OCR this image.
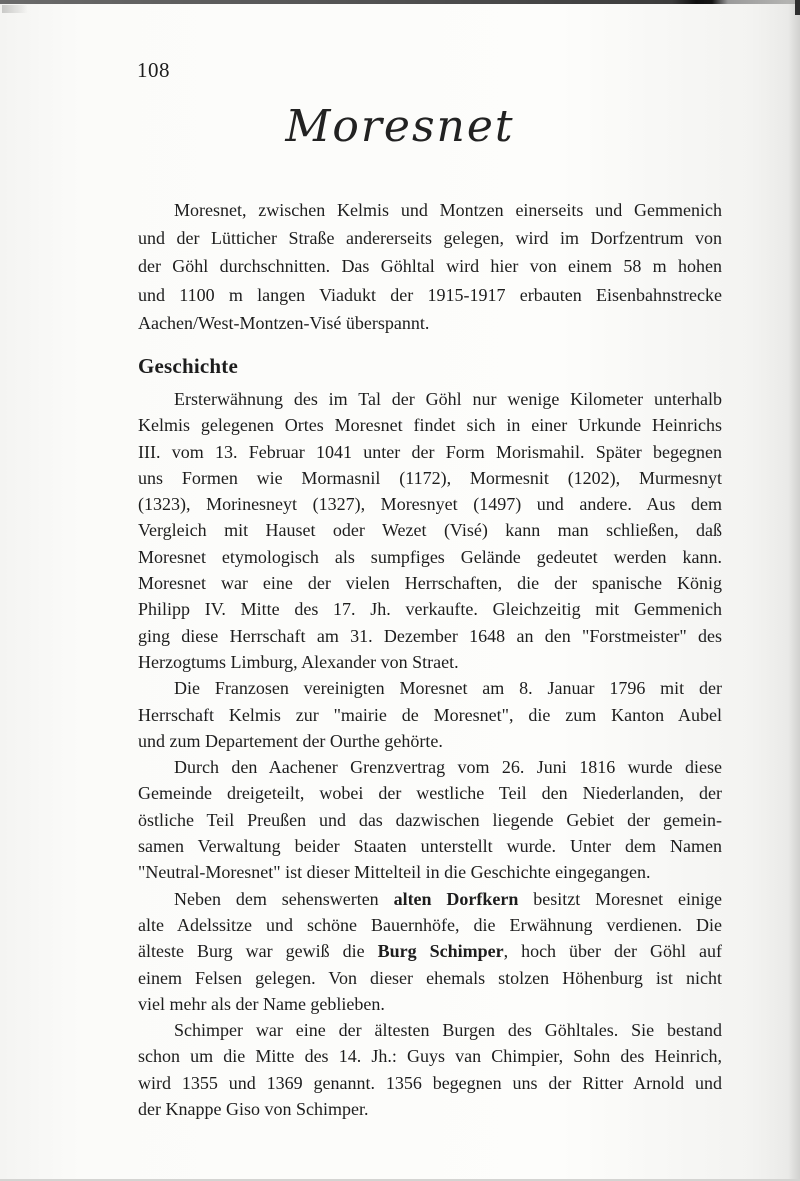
108
Moresnet
Moresnet, zwischen Kelmis und Montzen einerseits und Gemmenich
und der Lütticher Straße andererseits gelegen, wird im Dorfzentrum von
der Göhl durchschnitten. Das Göhltal wird hier von einem 58 m hohen
und 1100 m langen Viadukt der 1915-1917 erbauten Eisenbahnstrecke
Aachen/West-Montzen-Visé überspannt.
Geschichte
Ersterwähnung des im Tal der Göhl nur wenige Kilometer unterhalb
Kelmis gelegenen Ortes Moresnet findet sich in einer Urkunde Heinrichs
III. vom 13. Februar 1041 unter der Form Morismahil. Später begegnen
uns Formen wie Mormasnil (1172), Mormesnit (1202), Murmesnyt
(1323), Morinesneyt (1327), Moresnyet (1497) und andere. Aus dem
Vergleich mit Hauset oder Wezet (Visé) kann man schließen, daß
Moresnet etymologisch als sumpfiges Gelände gedeutet werden kann.
Moresnet war eine der vielen Herrschaften, die der spanische König
Philipp IV. Mitte des 17. Jh. verkaufte. Gleichzeitig mit Gemmenich
ging diese Herrschaft am 31. Dezember 1648 an den "Forstmeister" des
Herzogtums Limburg, Alexander von Straet.
Die Franzosen vereinigten Moresnet am 8. Januar 1796 mit der
Herrschaft Kelmis zur "mairie de Moresnet", die zum Kanton Aubel
und zum Departement der Ourthe gehörte.
Durch den Aachener Grenzvertrag vom 26. Juni 1816 wurde diese
Gemeinde dreigeteilt, wobei der westliche Teil den Niederlanden, der
östliche Teil Preußen und das dazwischen liegende Gebiet der gemein-
samen Verwaltung beider Staaten unterstellt wurde. Unter dem Namen
"Neutral-Moresnet" ist dieser Mittelteil in die Geschichte eingegangen.
Neben dem sehenswerten alten Dorfkern besitzt Moresnet einige
alte Adelssitze und schöne Bauernhöfe, die Erwähnung verdienen. Die
älteste Burg war gewiß die Burg Schimper, hoch über der Göhl auf
einem Felsen gelegen. Von dieser ehemals stolzen Höhenburg ist nicht
viel mehr als der Name geblieben.
Schimper war eine der ältesten Burgen des Göhltales. Sie bestand
schon um die Mitte des 14. Jh.: Guys van Chimpier, Sohn des Heinrich,
wird 1355 und 1369 genannt. 1356 begegnen uns der Ritter Arnold und
der Knappe Giso von Schimper.
